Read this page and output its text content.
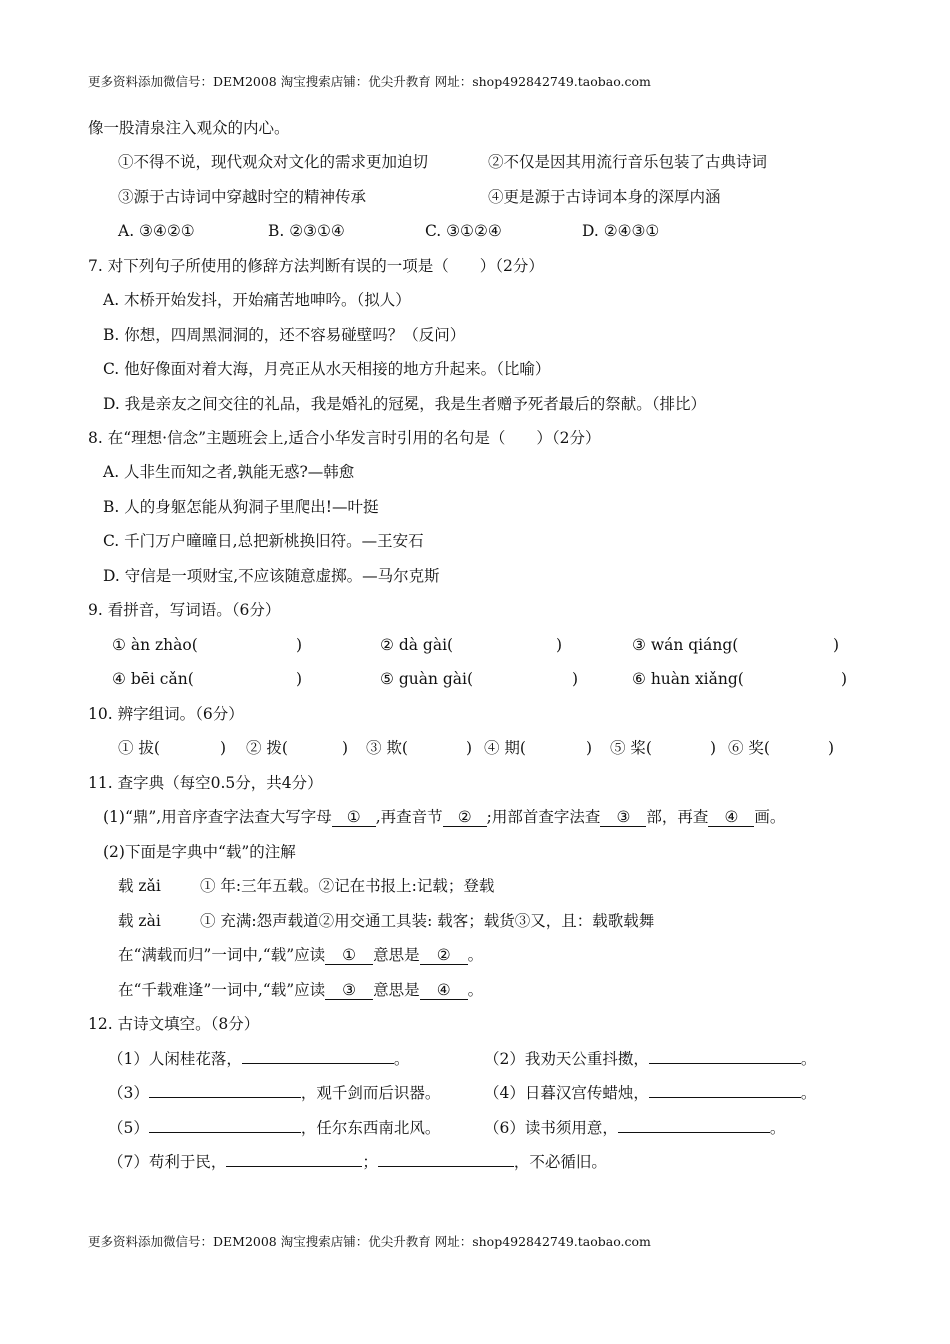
更多资料添加微信号：DEM2008 淘宝搜索店铺：优尖升教育 网址：shop492842749.taobao.com
像一股清泉注入观众的内心。
①不得不说，现代观众对文化的需求更加迫切	②不仅是因其用流行音乐包装了古典诗词
③源于古诗词中穿越时空的精神传承	④更是源于古诗词本身的深厚内涵
A. ③④②①	B. ②③①④	C. ③①②④	D. ②④③①
7. 对下列句子所使用的修辞方法判断有误的一项是（　　）（2分）
A. 木桥开始发抖，开始痛苦地呻吟。（拟人）
B. 你想，四周黑洞洞的，还不容易碰壁吗？（反问）
C. 他好像面对着大海，月亮正从水天相接的地方升起来。（比喻）
D. 我是亲友之间交往的礼品，我是婚礼的冠冕，我是生者赠予死者最后的祭献。（排比）
8. 在“理想·信念”主题班会上,适合小华发言时引用的名句是（　　）（2分）
A. 人非生而知之者,孰能无惑?—韩愈
B. 人的身躯怎能从狗洞子里爬出!—叶挺
C. 千门万户曈曈日,总把新桃换旧符。—王安石
D. 守信是一项财宝,不应该随意虚掷。—马尔克斯
9. 看拼音，写词语。（6分）
① àn zhào(	)	② dà gài(	)	③ wán qiáng(	)
④ bēi cǎn(	)	⑤ guàn gài(	)	⑥ huàn xiǎng(	)
10. 辨字组词。（6分）
① 拔(	) ② 拨(	) ③ 欺(	) ④ 期(	) ⑤ 桨(	) ⑥ 奖(	)
11. 查字典（每空0.5分，共4分）
(1)“鼎”,用音序查字法查大写字母 ① ,再查音节 ② ;用部首查字法查 ③ 部，再查 ④ 画。
(2)下面是字典中“载”的注解
载 zǎi	① 年:三年五载。②记在书报上:记载；登载
载 zài	① 充满:怨声载道②用交通工具装: 载客；载货③又，且：载歌载舞
在“满载而归”一词中,“载”应读 ① 意思是 ② 。
在“千载难逢”一词中,“载”应读 ③ 意思是 ④ 。
12. 古诗文填空。（8分）
（1）人闲桂花落，	。	（2）我劝天公重抖擞，	。
（3）	，观千剑而后识器。	（4）日暮汉宫传蜡烛，	。
（5）	，任尔东西南北风。	（6）读书须用意，	。
（7）苟利于民，	；	，不必循旧。
更多资料添加微信号：DEM2008 淘宝搜索店铺：优尖升教育 网址：shop492842749.taobao.com
